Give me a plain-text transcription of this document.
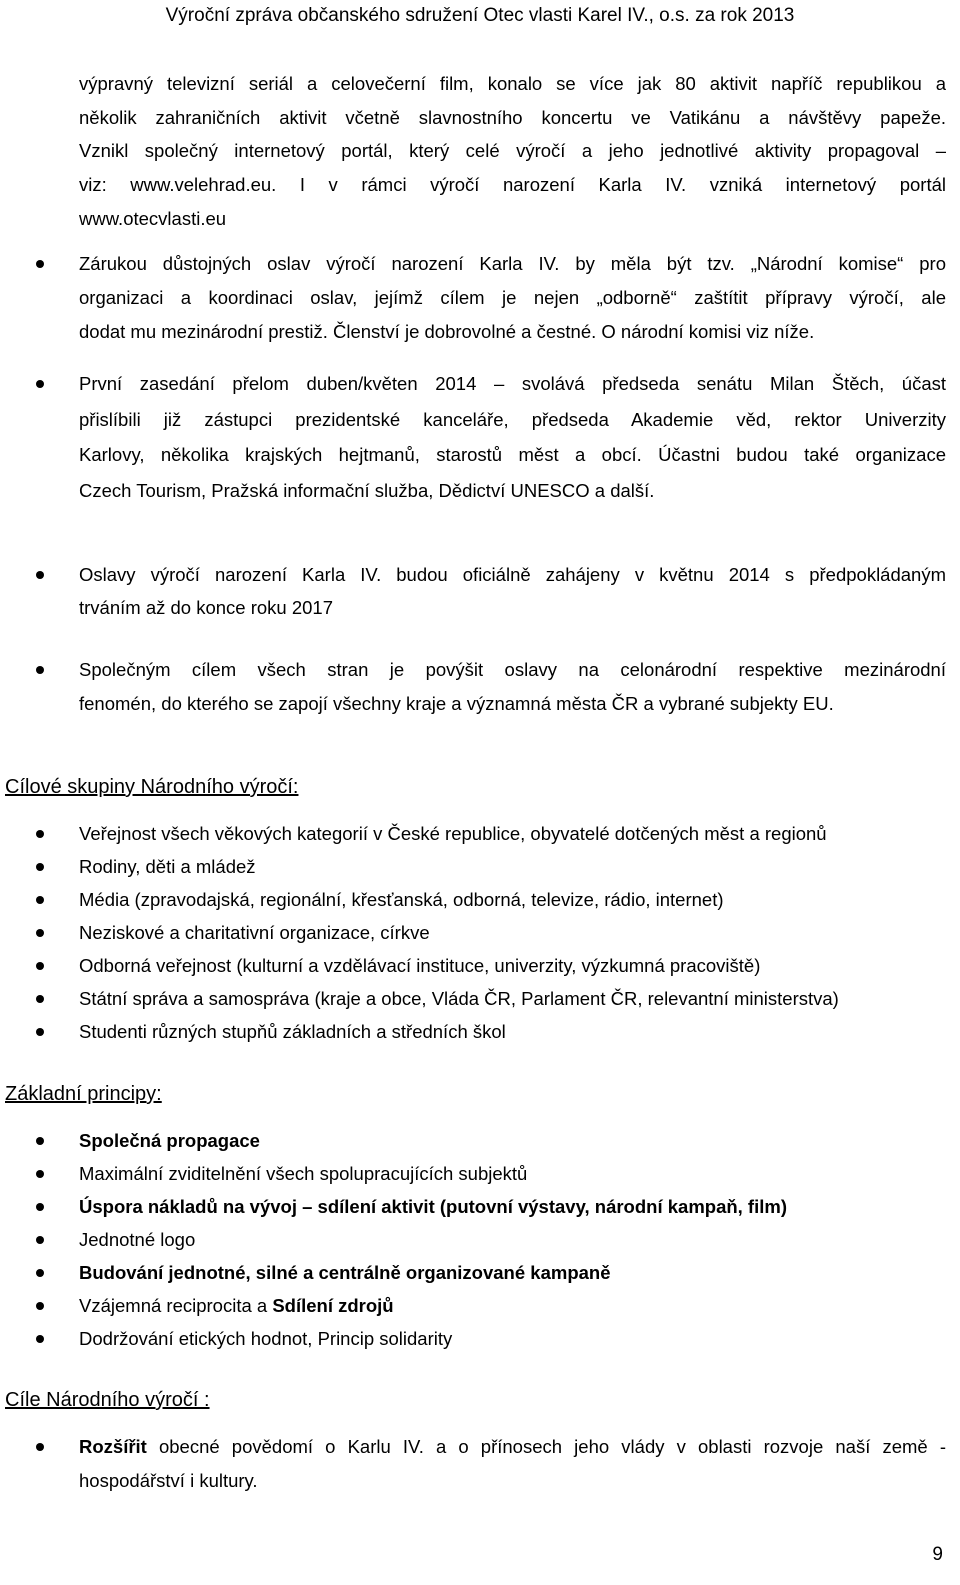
Výroční zpráva občanského sdružení Otec vlasti Karel IV., o.s. za rok 2013
výpravný televizní seriál a celovečerní film, konalo se více jak 80 aktivit napříč republikou a
několik zahraničních aktivit včetně slavnostního koncertu ve Vatikánu a návštěvy papeže.
Vznikl společný internetový portál, který celé výročí a jeho jednotlivé aktivity propagoval –
viz: www.velehrad.eu. I v rámci výročí narození Karla IV. vzniká internetový portál
www.otecvlasti.eu
Zárukou důstojných oslav výročí narození Karla IV. by měla být tzv. „Národní komise“ pro
organizaci a koordinaci oslav, jejímž cílem je nejen „odborně“ zaštítit přípravy výročí, ale
dodat mu mezinárodní prestiž. Členství je dobrovolné a čestné. O národní komisi viz níže.
První zasedání přelom duben/květen 2014 – svolává předseda senátu Milan Štěch, účast
přislíbili již zástupci prezidentské kanceláře, předseda Akademie věd, rektor Univerzity
Karlovy, několika krajských hejtmanů, starostů měst a obcí. Účastni budou také organizace
Czech Tourism, Pražská informační služba, Dědictví UNESCO a další.
Oslavy výročí narození Karla IV. budou oficiálně zahájeny v květnu 2014 s předpokládaným
trváním až do konce roku 2017
Společným cílem všech stran je povýšit oslavy na celonárodní respektive mezinárodní
fenomén, do kterého se zapojí všechny kraje a významná města ČR a vybrané subjekty EU.
Cílové skupiny Národního výročí:
Veřejnost všech věkových kategorií v České republice, obyvatelé dotčených měst a regionů
Rodiny, děti a mládež
Média (zpravodajská, regionální, křesťanská, odborná, televize, rádio, internet)
Neziskové a charitativní organizace, církve
Odborná veřejnost (kulturní a vzdělávací instituce, univerzity, výzkumná pracoviště)
Státní správa a samospráva (kraje a obce, Vláda ČR, Parlament ČR, relevantní ministerstva)
Studenti různých stupňů základních a středních škol
Základní principy:
Společná propagace
Maximální zviditelnění všech spolupracujících subjektů
Úspora nákladů na vývoj – sdílení aktivit (putovní výstavy, národní kampaň, film)
Jednotné logo
Budování jednotné, silné a centrálně organizované kampaně
Vzájemná reciprocita a Sdílení zdrojů
Dodržování etických hodnot, Princip solidarity
Cíle Národního výročí :
Rozšířit obecné povědomí o Karlu IV. a o přínosech jeho vlády v oblasti rozvoje naší země -
hospodářství i kultury.
9
